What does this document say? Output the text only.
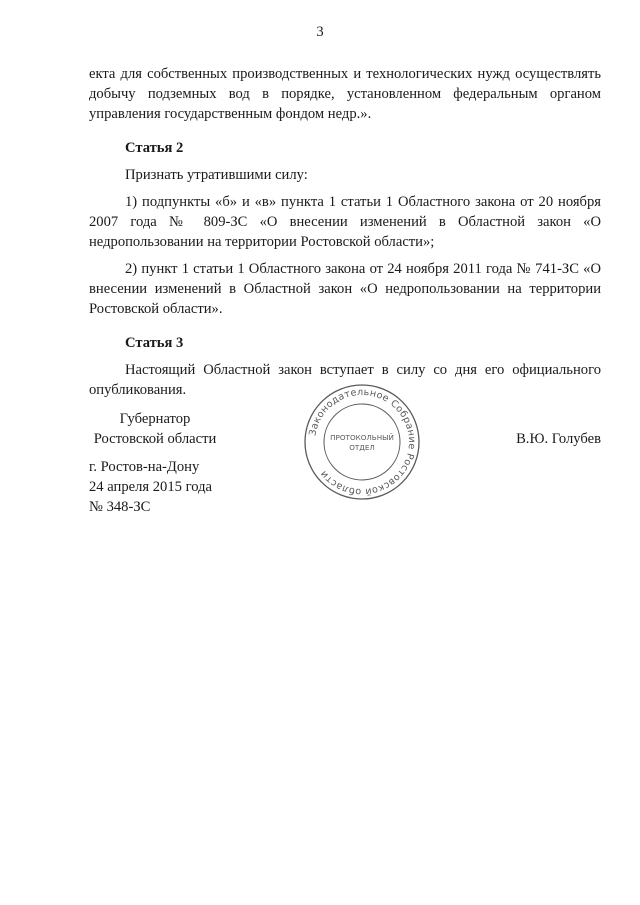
3

екта для собственных производственных и технологических нужд осуществлять добычу подземных вод в порядке, установленном федеральным органом управления государственным фондом недр.».

Статья 2

Признать утратившими силу:

1) подпункты «б» и «в» пункта 1 статьи 1 Областного закона от 20 ноября 2007 года № 809-ЗС «О внесении изменений в Областной закон «О недропользовании на территории Ростовской области»;

2) пункт 1 статьи 1 Областного закона от 24 ноября 2011 года № 741-ЗС «О внесении изменений в Областной закон «О недропользовании на территории Ростовской области».

Статья 3

Настоящий Областной закон вступает в силу со дня его официального опубликования.

Губернатор
Ростовской области	В.Ю. Голубев
Законодательное Собрание Ростовской области
ПРОТОКОЛЬНЫЙ
ОТДЕЛ
г. Ростов-на-Дону
24 апреля 2015 года
№ 348-ЗС
